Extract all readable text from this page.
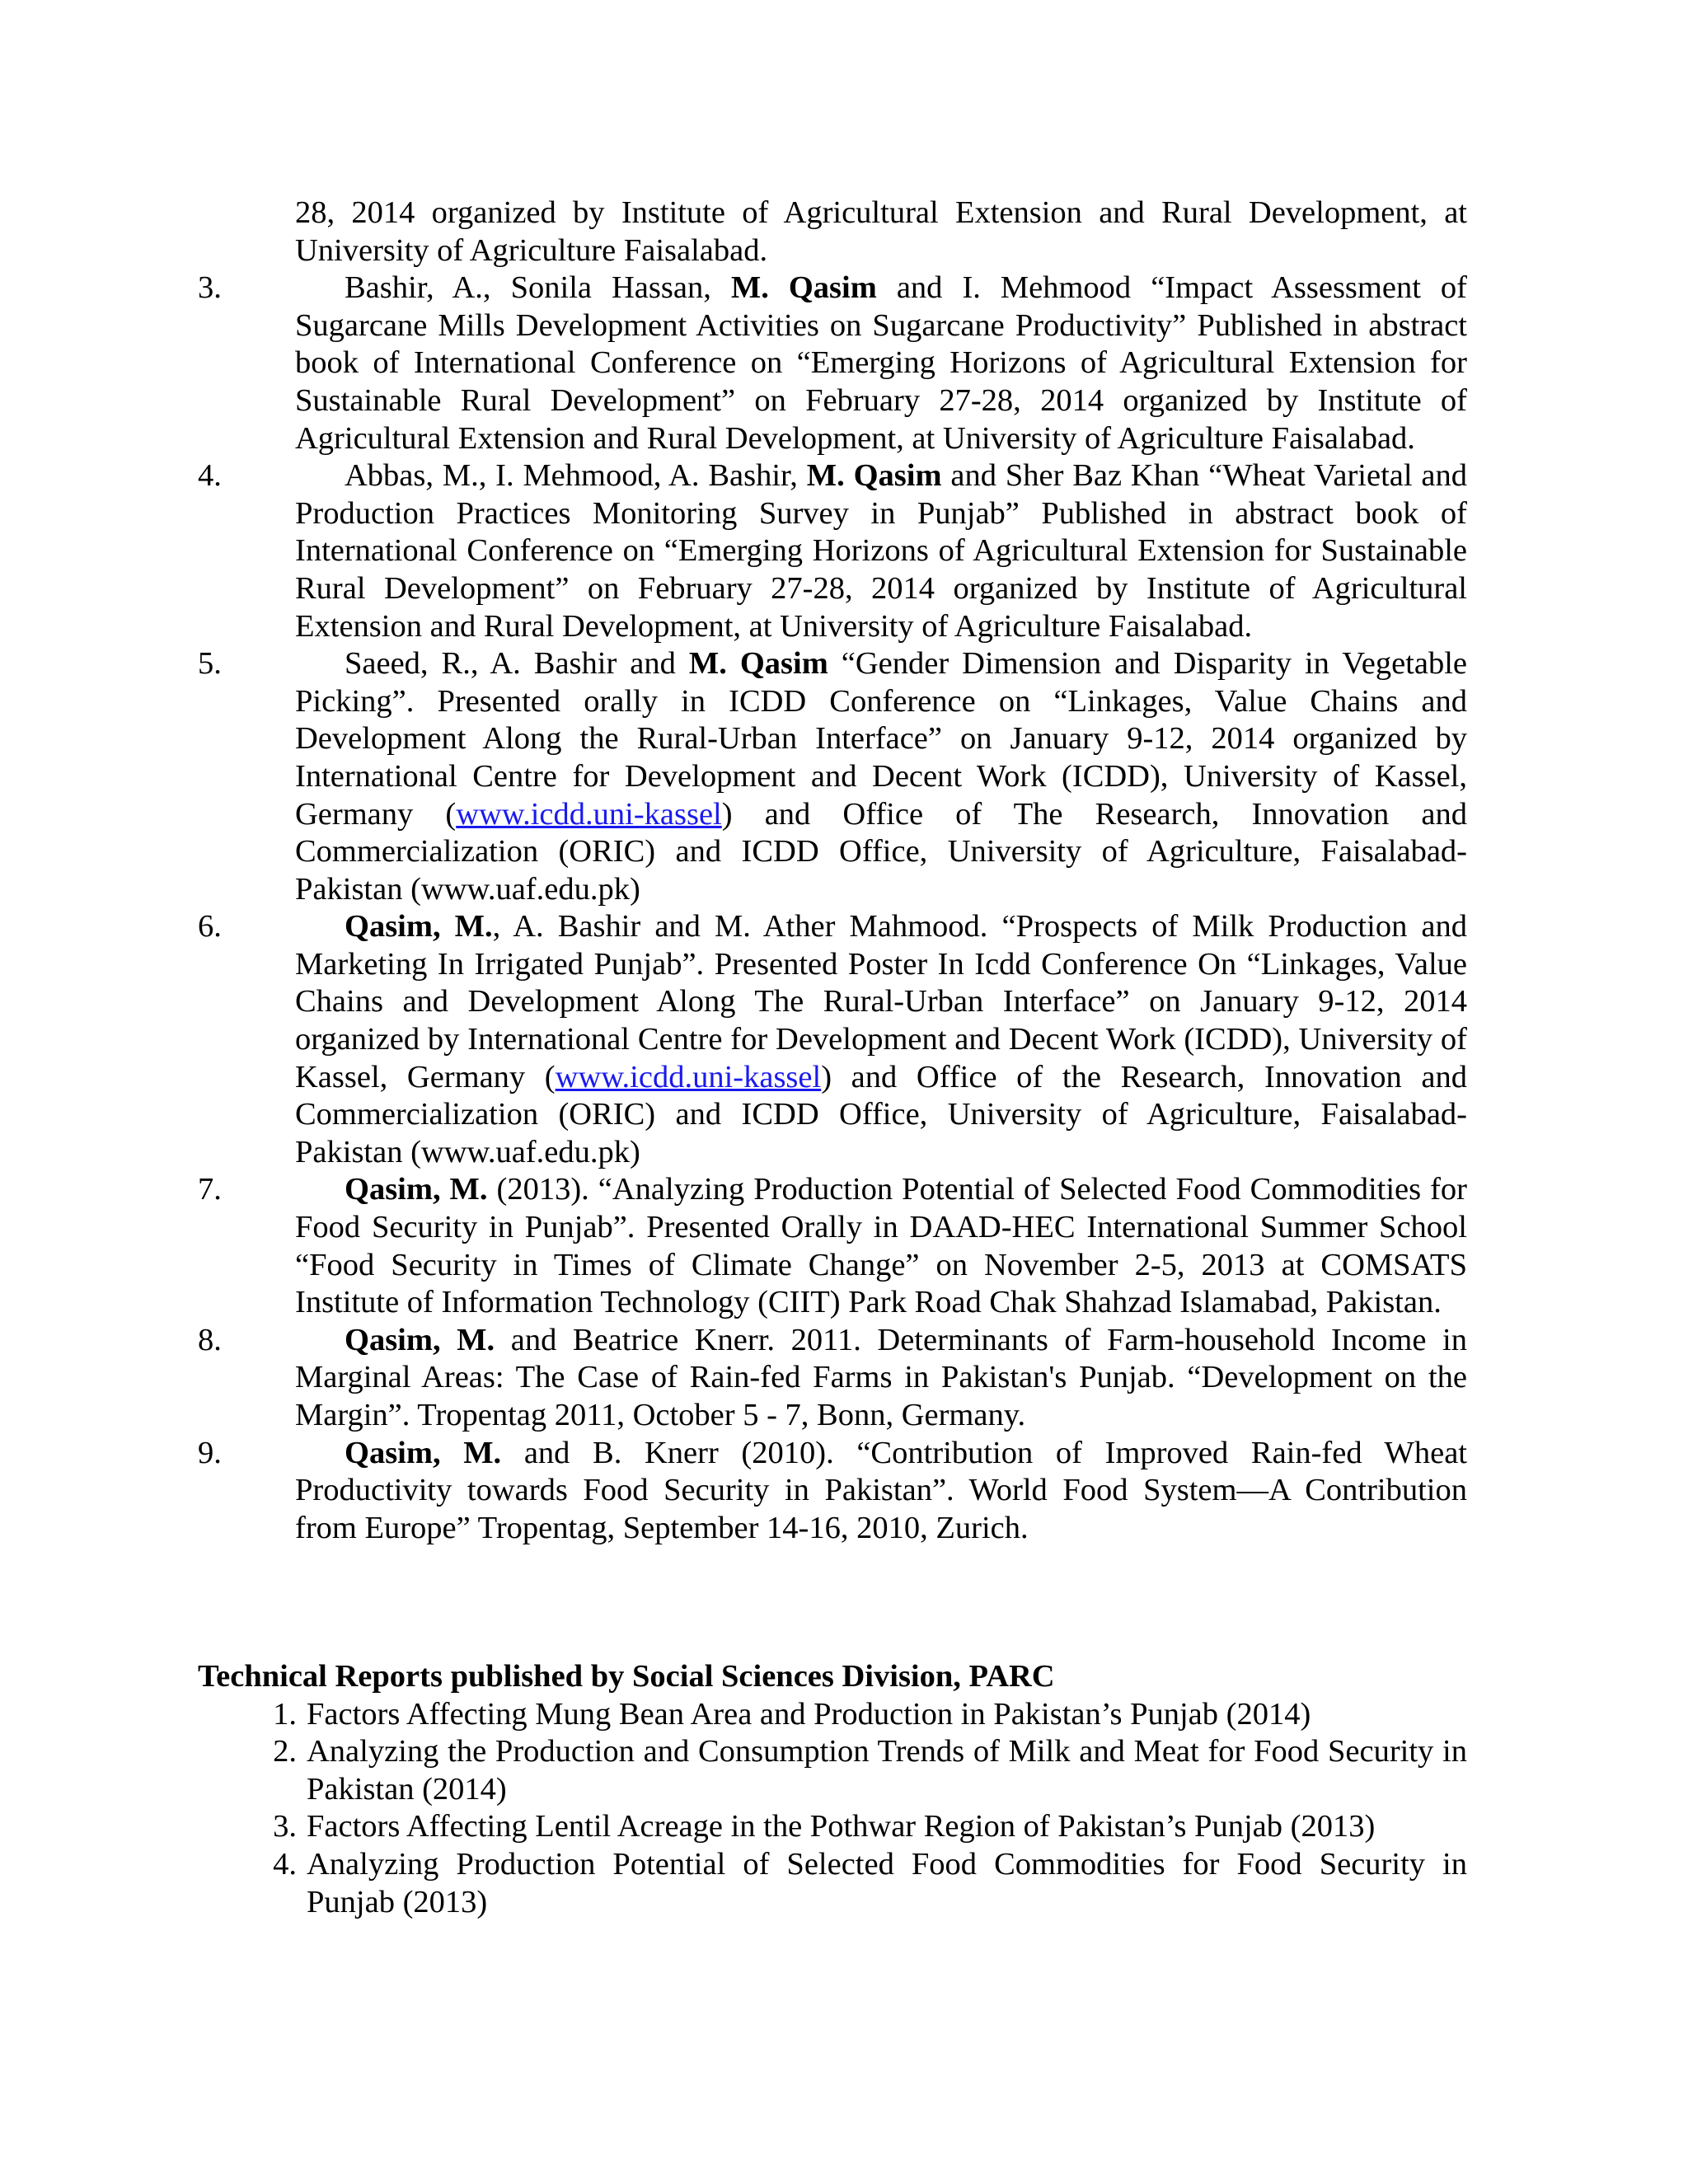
28, 2014 organized by Institute of Agricultural Extension and Rural Development, at University of Agriculture Faisalabad.
3.	Bashir, A., Sonila Hassan, M. Qasim and I. Mehmood “Impact Assessment of Sugarcane Mills Development Activities on Sugarcane Productivity” Published in abstract book of International Conference on “Emerging Horizons of Agricultural Extension for Sustainable Rural Development” on February 27-28, 2014 organized by Institute of Agricultural Extension and Rural Development, at University of Agriculture Faisalabad.
4.	Abbas, M., I. Mehmood, A. Bashir, M. Qasim and Sher Baz Khan “Wheat Varietal and Production Practices Monitoring Survey in Punjab” Published in abstract book of International Conference on “Emerging Horizons of Agricultural Extension for Sustainable Rural Development” on February 27-28, 2014 organized by Institute of Agricultural Extension and Rural Development, at University of Agriculture Faisalabad.
5.	Saeed, R., A. Bashir and M. Qasim “Gender Dimension and Disparity in Vegetable Picking”. Presented orally in ICDD Conference on “Linkages, Value Chains and Development Along the Rural-Urban Interface” on January 9-12, 2014 organized by International Centre for Development and Decent Work (ICDD), University of Kassel, Germany (www.icdd.uni-kassel) and Office of The Research, Innovation and Commercialization (ORIC) and ICDD Office, University of Agriculture, Faisalabad-Pakistan (www.uaf.edu.pk)
6.	Qasim, M., A. Bashir and M. Ather Mahmood. “Prospects of Milk Production and Marketing In Irrigated Punjab”. Presented Poster In Icdd Conference On “Linkages, Value Chains and Development Along The Rural-Urban Interface” on January 9-12, 2014 organized by International Centre for Development and Decent Work (ICDD), University of Kassel, Germany (www.icdd.uni-kassel) and Office of the Research, Innovation and Commercialization (ORIC) and ICDD Office, University of Agriculture, Faisalabad-Pakistan (www.uaf.edu.pk)
7.	Qasim, M. (2013). “Analyzing Production Potential of Selected Food Commodities for Food Security in Punjab”. Presented Orally in DAAD-HEC International Summer School “Food Security in Times of Climate Change” on November 2-5, 2013 at COMSATS Institute of Information Technology (CIIT) Park Road Chak Shahzad Islamabad, Pakistan.
8.	Qasim, M. and Beatrice Knerr. 2011. Determinants of Farm-household Income in Marginal Areas: The Case of Rain-fed Farms in Pakistan's Punjab. “Development on the Margin”. Tropentag 2011, October 5 - 7, Bonn, Germany.
9.	Qasim, M. and B. Knerr (2010). “Contribution of Improved Rain-fed Wheat Productivity towards Food Security in Pakistan”. World Food System—A Contribution from Europe” Tropentag, September 14-16, 2010, Zurich.

Technical Reports published by Social Sciences Division, PARC

1. Factors Affecting Mung Bean Area and Production in Pakistan’s Punjab (2014)
2. Analyzing the Production and Consumption Trends of Milk and Meat for Food Security in Pakistan (2014)
3. Factors Affecting Lentil Acreage in the Pothwar Region of Pakistan’s Punjab (2013)
4. Analyzing Production Potential of Selected Food Commodities for Food Security in Punjab (2013)
